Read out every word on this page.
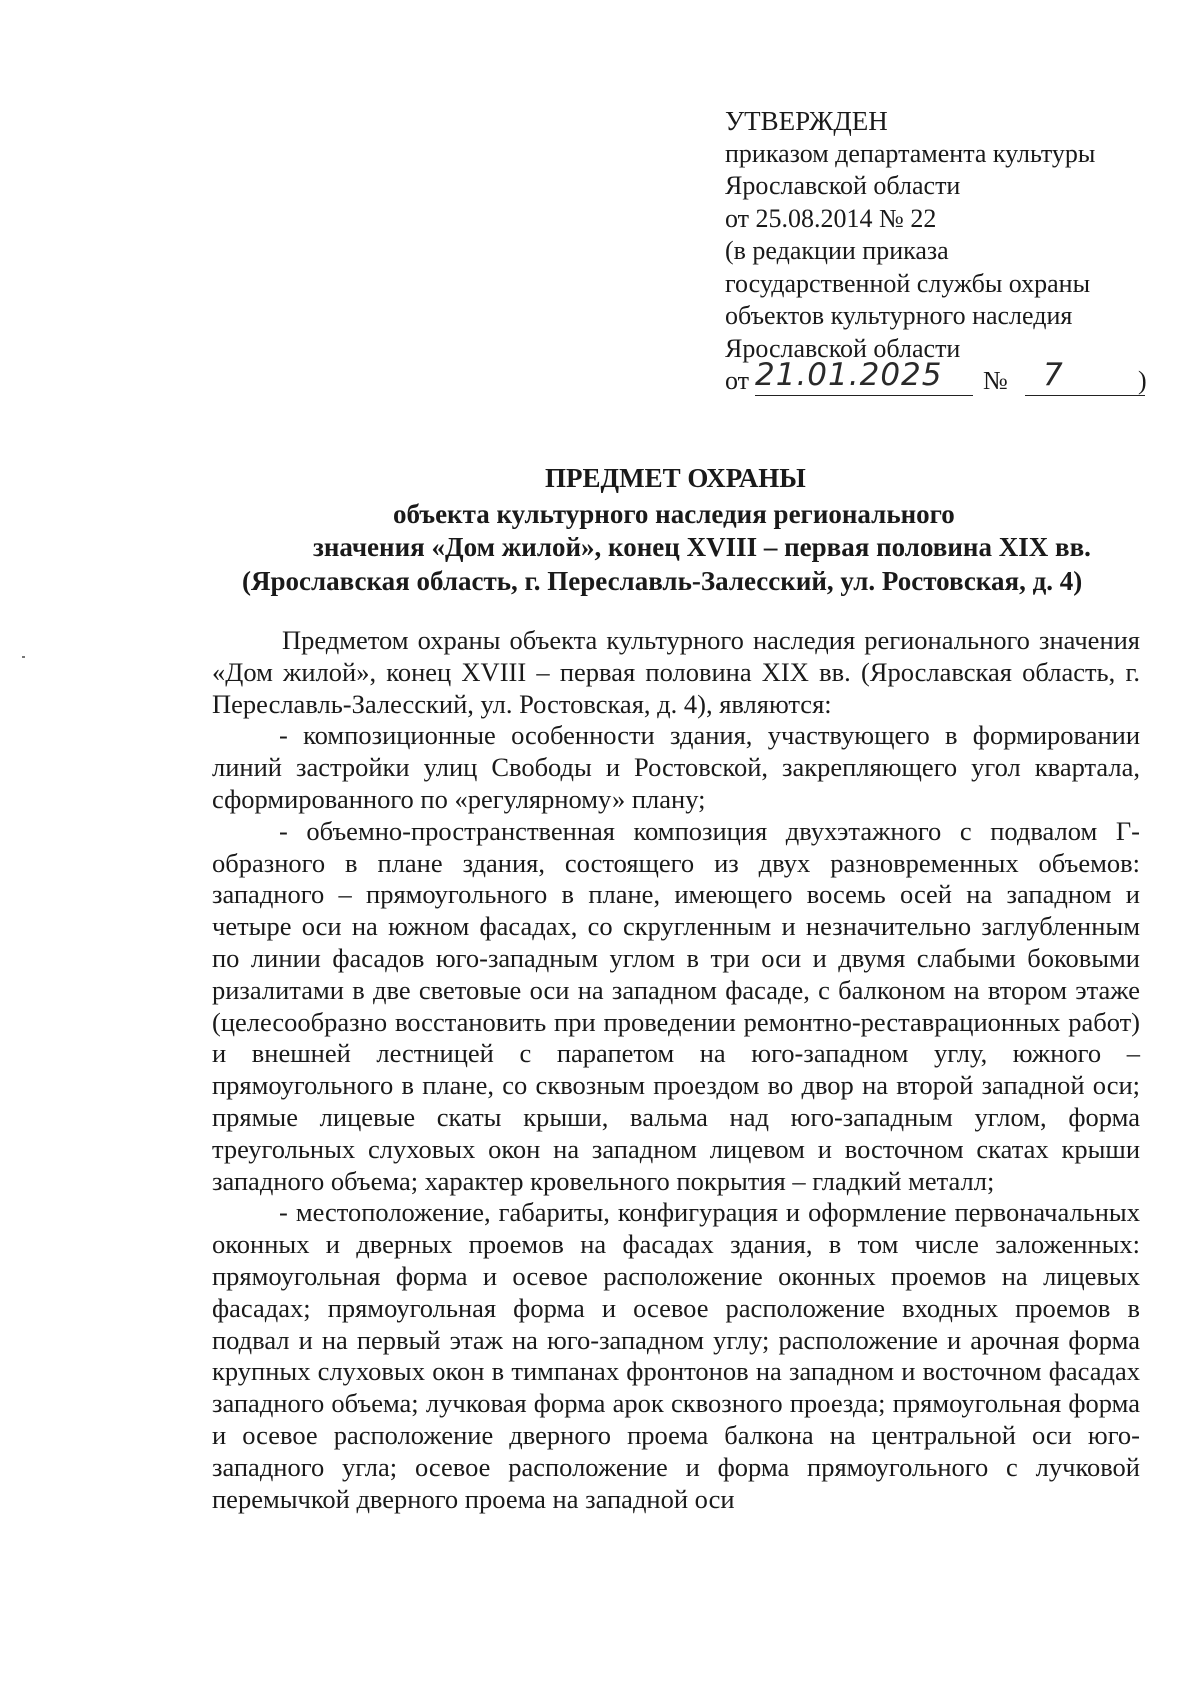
УТВЕРЖДЕН
приказом департамента культуры
Ярославской области
от 25.08.2014 № 22
(в редакции приказа
государственной службы охраны
объектов культурного наследия
Ярославской области
от 21.01.2025 № 7	)
ПРЕДМЕТ ОХРАНЫ
объекта культурного наследия регионального
значения «Дом жилой», конец XVIII – первая половина XIX вв.
(Ярославская область, г. Переславль-Залесский, ул. Ростовская, д. 4)

Предметом охраны объекта культурного наследия регионального значения «Дом жилой», конец XVIII – первая половина XIX вв. (Ярославская область, г. Переславль-Залесский, ул. Ростовская, д. 4), являются:

- композиционные особенности здания, участвующего в формировании линий застройки улиц Свободы и Ростовской, закрепляющего угол квартала, сформированного по «регулярному» плану;

- объемно-пространственная композиция двухэтажного с подвалом Г-образного в плане здания, состоящего из двух разновременных объемов: западного – прямоугольного в плане, имеющего восемь осей на западном и четыре оси на южном фасадах, со скругленным и незначительно заглубленным по линии фасадов юго-западным углом в три оси и двумя слабыми боковыми ризалитами в две световые оси на западном фасаде, с балконом на втором этаже (целесообразно восстановить при проведении ремонтно-реставрационных работ) и внешней лестницей с парапетом на юго-западном углу, южного – прямоугольного в плане, со сквозным проездом во двор на второй западной оси; прямые лицевые скаты крыши, вальма над юго-западным углом, форма треугольных слуховых окон на западном лицевом и восточном скатах крыши западного объема; характер кровельного покрытия – гладкий металл;

- местоположение, габариты, конфигурация и оформление первоначальных оконных и дверных проемов на фасадах здания, в том числе заложенных: прямоугольная форма и осевое расположение оконных проемов на лицевых фасадах; прямоугольная форма и осевое расположение входных проемов в подвал и на первый этаж на юго-западном углу; расположение и арочная форма крупных слуховых окон в тимпанах фронтонов на западном и восточном фасадах западного объема; лучковая форма арок сквозного проезда; прямоугольная форма и осевое расположение дверного проема балкона на центральной оси юго-западного угла; осевое расположение и форма прямоугольного с лучковой перемычкой дверного проема на западной оси
